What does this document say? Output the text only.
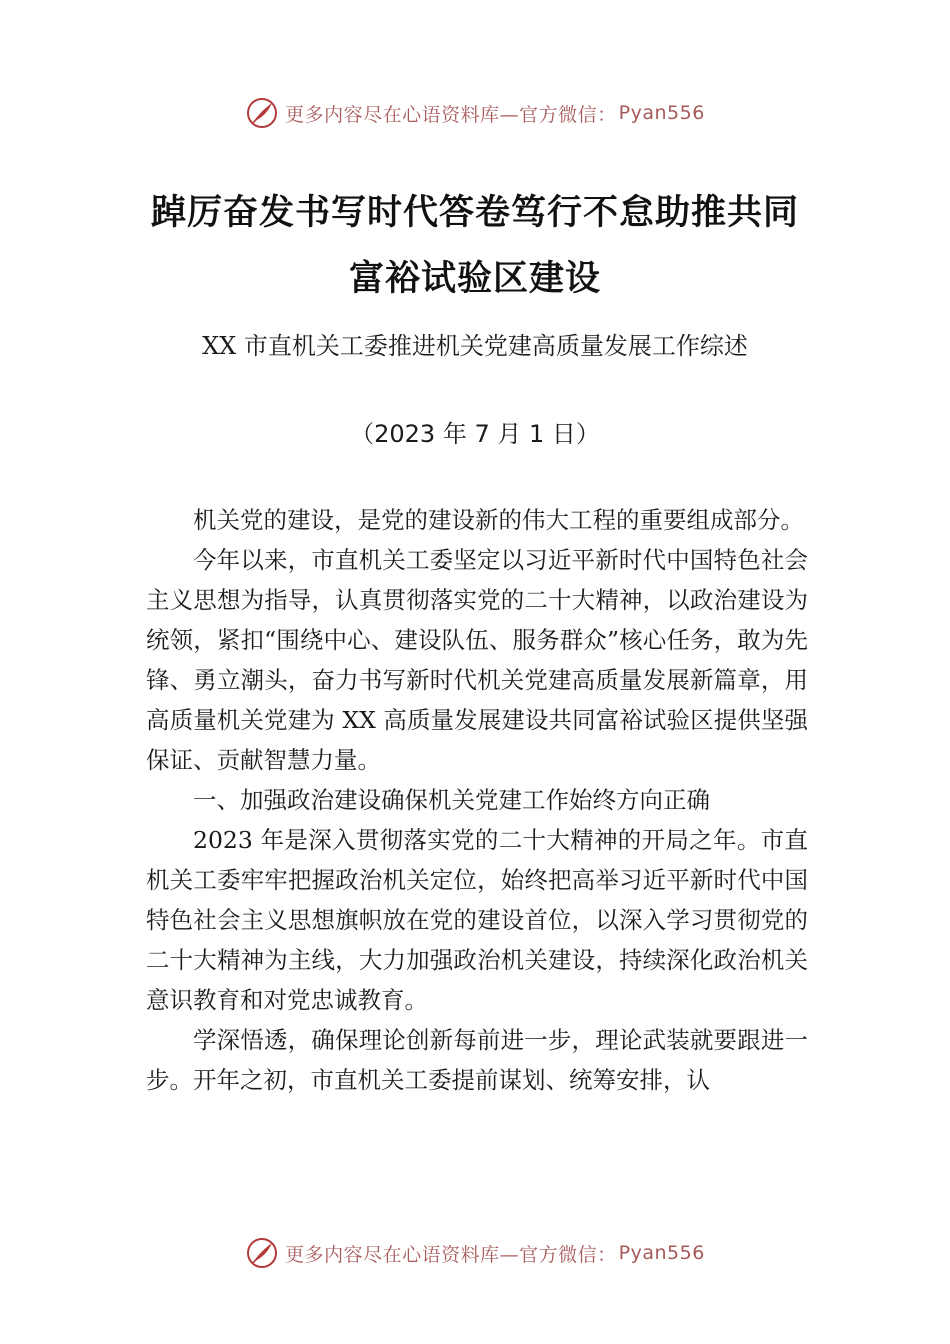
更多内容尽在心语资料库—官方微信： Pyan556
踔厉奋发书写时代答卷笃行不怠助推共同
富裕试验区建设
XX 市直机关工委推进机关党建高质量发展工作综述
（2023 年 7 月 1 日）

机关党的建设，是党的建设新的伟大工程的重要组成部分。

今年以来，市直机关工委坚定以习近平新时代中国特色社会主义思想为指导，认真贯彻落实党的二十大精神，以政治建设为统领，紧扣“围绕中心、建设队伍、服务群众”核心任务，敢为先锋、勇立潮头，奋力书写新时代机关党建高质量发展新篇章，用高质量机关党建为 XX 高质量发展建设共同富裕试验区提供坚强保证、贡献智慧力量。

一、加强政治建设确保机关党建工作始终方向正确

2023 年是深入贯彻落实党的二十大精神的开局之年。市直机关工委牢牢把握政治机关定位，始终把高举习近平新时代中国特色社会主义思想旗帜放在党的建设首位，以深入学习贯彻党的二十大精神为主线，大力加强政治机关建设，持续深化政治机关意识教育和对党忠诚教育。

学深悟透，确保理论创新每前进一步，理论武装就要跟进一步。开年之初，市直机关工委提前谋划、统筹安排，认

更多内容尽在心语资料库—官方微信： Pyan556
